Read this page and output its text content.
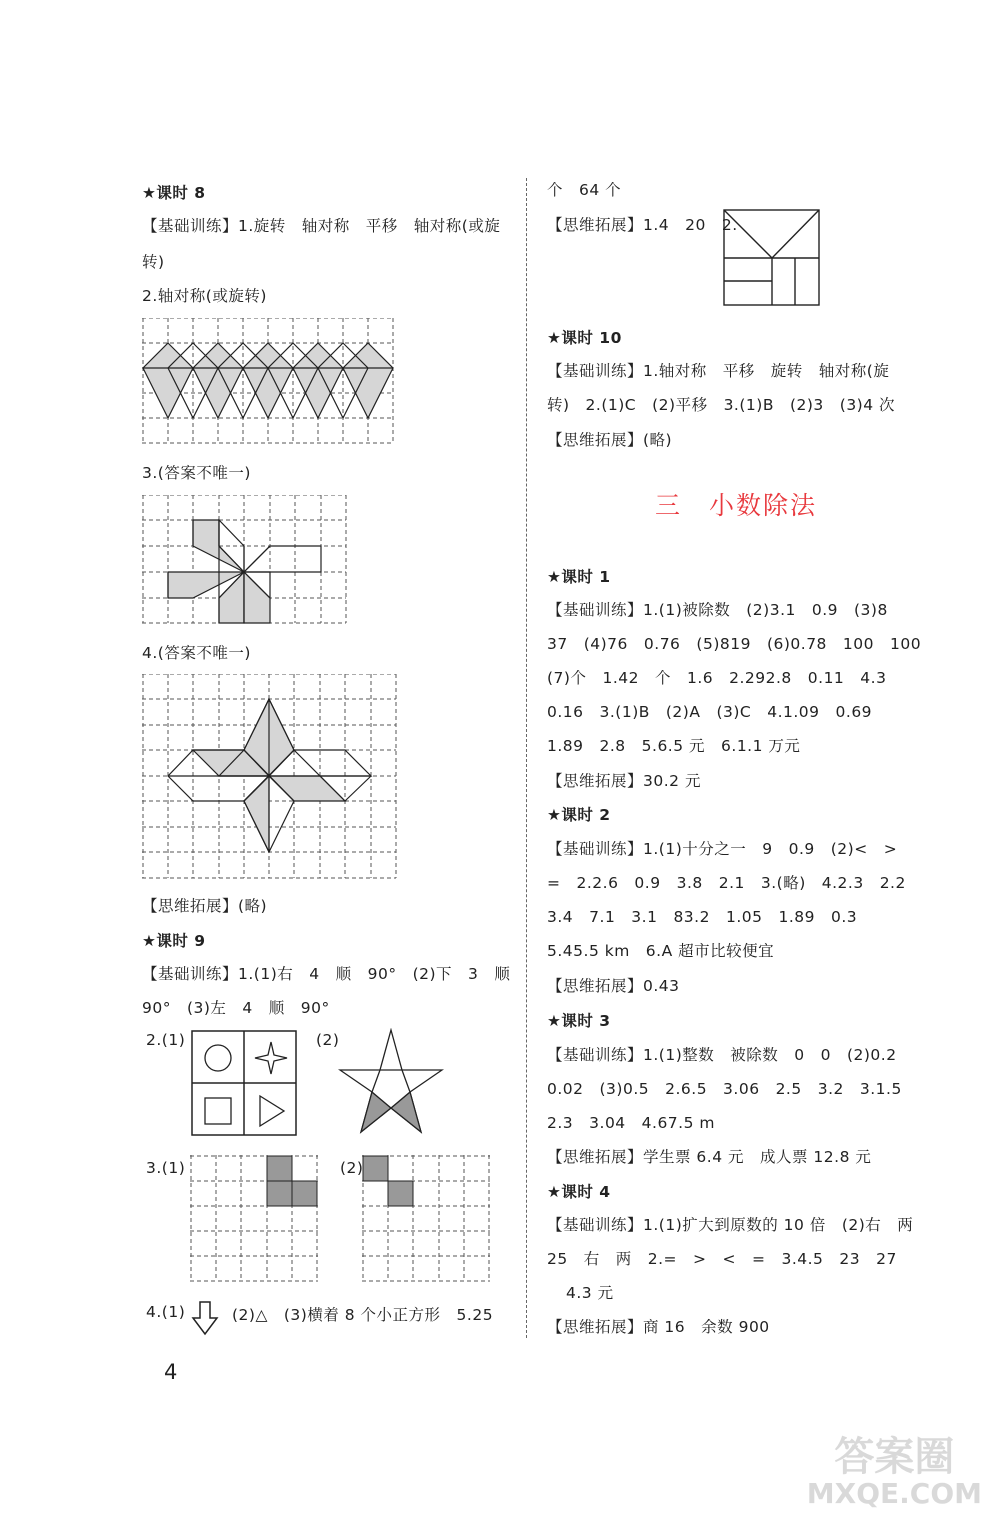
★课时 8
【基础训练】1.旋转　轴对称　平移　轴对称(或旋
转)
2.轴对称(或旋转)
3.(答案不唯一)
4.(答案不唯一)
【思维拓展】(略)
★课时 9
【基础训练】1.(1)右　4　顺　90°　(2)下　3　顺
90°　(3)左　4　顺　90°
2.(1)	(2)
3.(1)	(2)
4.(1)	(2)△　(3)横着 8 个小正方形　5.25
4
个　64 个
【思维拓展】1.4　20　2.
★课时 10
【基础训练】1.轴对称　平移　旋转　轴对称(旋
转)　2.(1)C　(2)平移　3.(1)B　(2)3　(3)4 次
【思维拓展】(略)
三　小数除法
★课时 1
【基础训练】1.(1)被除数　(2)3.1　0.9　(3)8
37　(4)76　0.76　(5)819　(6)0.78　100　100
(7)个　1.42　个　1.6　2.292.8　0.11　4.3
0.16　3.(1)B　(2)A　(3)C　4.1.09　0.69
1.89　2.8　5.6.5 元　6.1.1 万元
【思维拓展】30.2 元
★课时 2
【基础训练】1.(1)十分之一　9　0.9　(2)<　>
=　2.2.6　0.9　3.8　2.1　3.(略)　4.2.3　2.2
3.4　7.1　3.1　83.2　1.05　1.89　0.3
5.45.5 km　6.A 超市比较便宜
【思维拓展】0.43
★课时 3
【基础训练】1.(1)整数　被除数　0　0　(2)0.2
0.02　(3)0.5　2.6.5　3.06　2.5　3.2　3.1.5
2.3　3.04　4.67.5 m
【思维拓展】学生票 6.4 元　成人票 12.8 元
★课时 4
【基础训练】1.(1)扩大到原数的 10 倍　(2)右　两
25　右　两　2.=　>　<　=　3.4.5　23　27
4.3 元
【思维拓展】商 16　余数 900
答案圈
MXQE.COM
